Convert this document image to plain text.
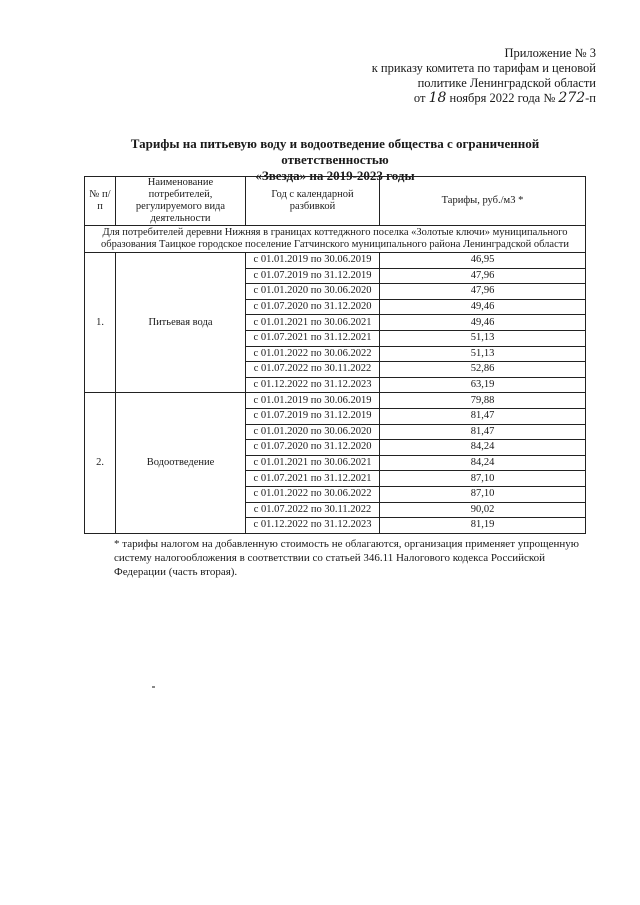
Приложение № 3
к приказу комитета по тарифам и ценовой
политике Ленинградской области
от 18 ноября 2022 года № 272-п
Тарифы на питьевую воду и водоотведение общества с ограниченной ответственностью
«Звезда» на 2019-2023 годы
№ п/п	Наименование потребителей, регулируемого вида деятельности	Год с календарной разбивкой	Тарифы, руб./м3 *
Для потребителей деревни Нижняя в границах коттеджного поселка «Золотые ключи» муниципального образования Таицкое городское поселение Гатчинского муниципального района Ленинградской области			
1.	Питьевая вода	с 01.01.2019 по 30.06.2019	46,95
		с 01.07.2019 по 31.12.2019	47,96
		с 01.01.2020 по 30.06.2020	47,96
		с 01.07.2020 по 31.12.2020	49,46
		с 01.01.2021 по 30.06.2021	49,46
		с 01.07.2021 по 31.12.2021	51,13
		с 01.01.2022 по 30.06.2022	51,13
		с 01.07.2022 по 30.11.2022	52,86
		с 01.12.2022 по 31.12.2023	63,19
2.	Водоотведение	с 01.01.2019 по 30.06.2019	79,88
		с 01.07.2019 по 31.12.2019	81,47
		с 01.01.2020 по 30.06.2020	81,47
		с 01.07.2020 по 31.12.2020	84,24
		с 01.01.2021 по 30.06.2021	84,24
		с 01.07.2021 по 31.12.2021	87,10
		с 01.01.2022 по 30.06.2022	87,10
		с 01.07.2022 по 30.11.2022	90,02
		с 01.12.2022 по 31.12.2023	81,19
* тарифы налогом на добавленную стоимость не облагаются, организация применяет упрощенную систему налогообложения в соответствии со статьей 346.11 Налогового кодекса Российской Федерации (часть вторая).
